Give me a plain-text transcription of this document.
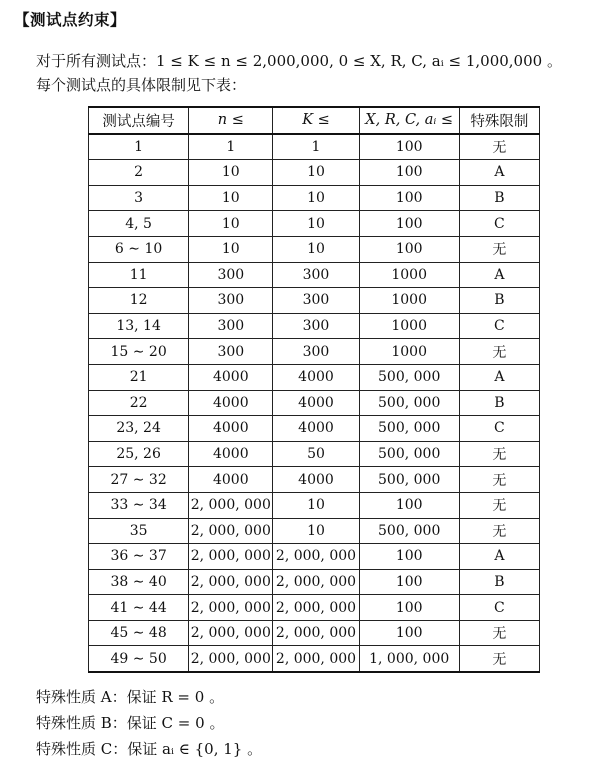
【测试点约束】
对于所有测试点：1 ≤ K ≤ n ≤ 2,000,000, 0 ≤ X, R, C, aᵢ ≤ 1,000,000 。
每个测试点的具体限制见下表：
测试点编号	n ≤	K ≤	X, R, C, aᵢ ≤	特殊限制
1	1	1	100	无
2	10	10	100	A
3	10	10	100	B
4, 5	10	10	100	C
6 ∼ 10	10	10	100	无
11	300	300	1000	A
12	300	300	1000	B
13, 14	300	300	1000	C
15 ∼ 20	300	300	1000	无
21	4000	4000	500, 000	A
22	4000	4000	500, 000	B
23, 24	4000	4000	500, 000	C
25, 26	4000	50	500, 000	无
27 ∼ 32	4000	4000	500, 000	无
33 ∼ 34	2, 000, 000	10	100	无
35	2, 000, 000	10	500, 000	无
36 ∼ 37	2, 000, 000	2, 000, 000	100	A
38 ∼ 40	2, 000, 000	2, 000, 000	100	B
41 ∼ 44	2, 000, 000	2, 000, 000	100	C
45 ∼ 48	2, 000, 000	2, 000, 000	100	无
49 ∼ 50	2, 000, 000	2, 000, 000	1, 000, 000	无
特殊性质 A：保证 R = 0 。
特殊性质 B：保证 C = 0 。
特殊性质 C：保证 aᵢ ∈ {0, 1} 。
